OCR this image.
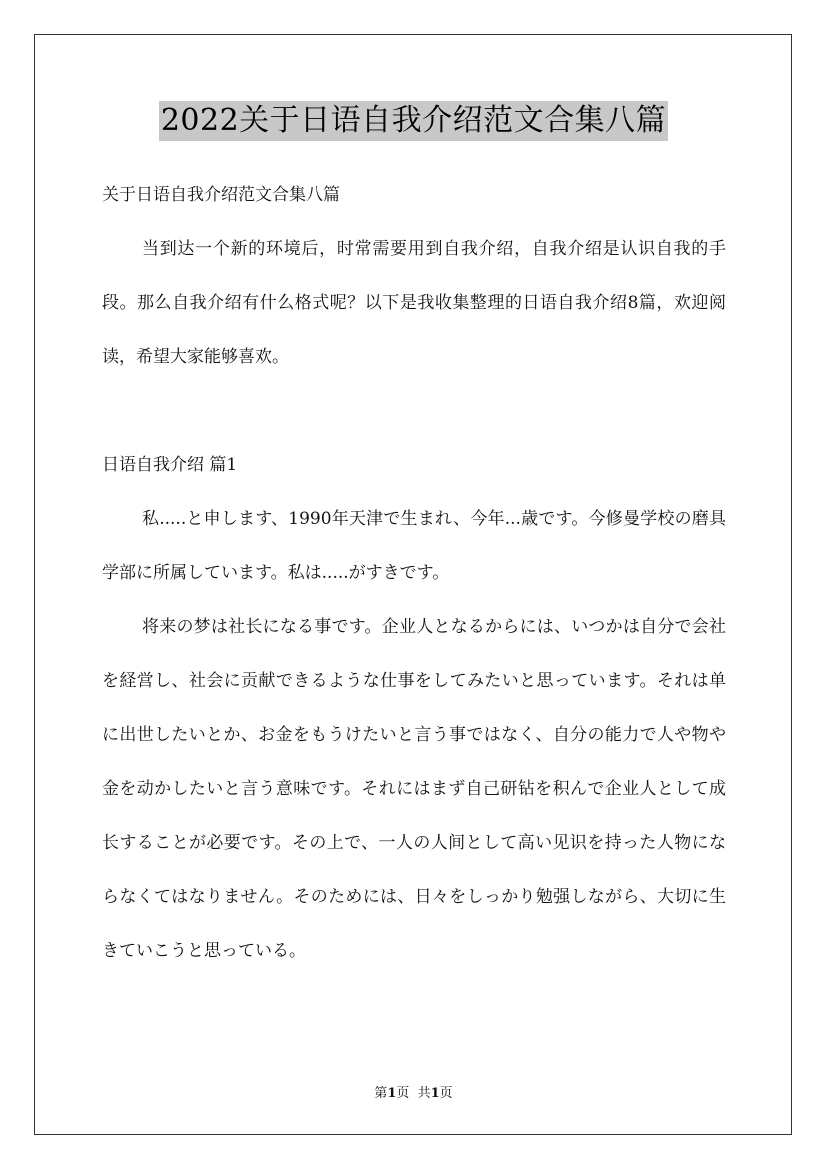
2022关于日语自我介绍范文合集八篇
关于日语自我介绍范文合集八篇

当到达一个新的环境后，时常需要用到自我介绍，自我介绍是认识自我的手段。那么自我介绍有什么格式呢？以下是我收集整理的日语自我介绍8篇，欢迎阅读，希望大家能够喜欢。

日语自我介绍 篇1

私.....と申します、1990年天津で生まれ、今年...歳です。今修曼学校の磨具学部に所属しています。私は.....がすきです。

将来の梦は社长になる事です。企业人となるからには、いつかは自分で会社を経営し、社会に贡献できるような仕事をしてみたいと思っています。それは单に出世したいとか、お金をもうけたいと言う事ではなく、自分の能力で人や物や金を动かしたいと言う意味です。それにはまず自己研钻を积んで企业人として成长することが必要です。その上で、一人の人间として高い见识を持った人物にならなくてはなりません。そのためには、日々をしっかり勉强しながら、大切に生きていこうと思っている。

第1页  共1页
